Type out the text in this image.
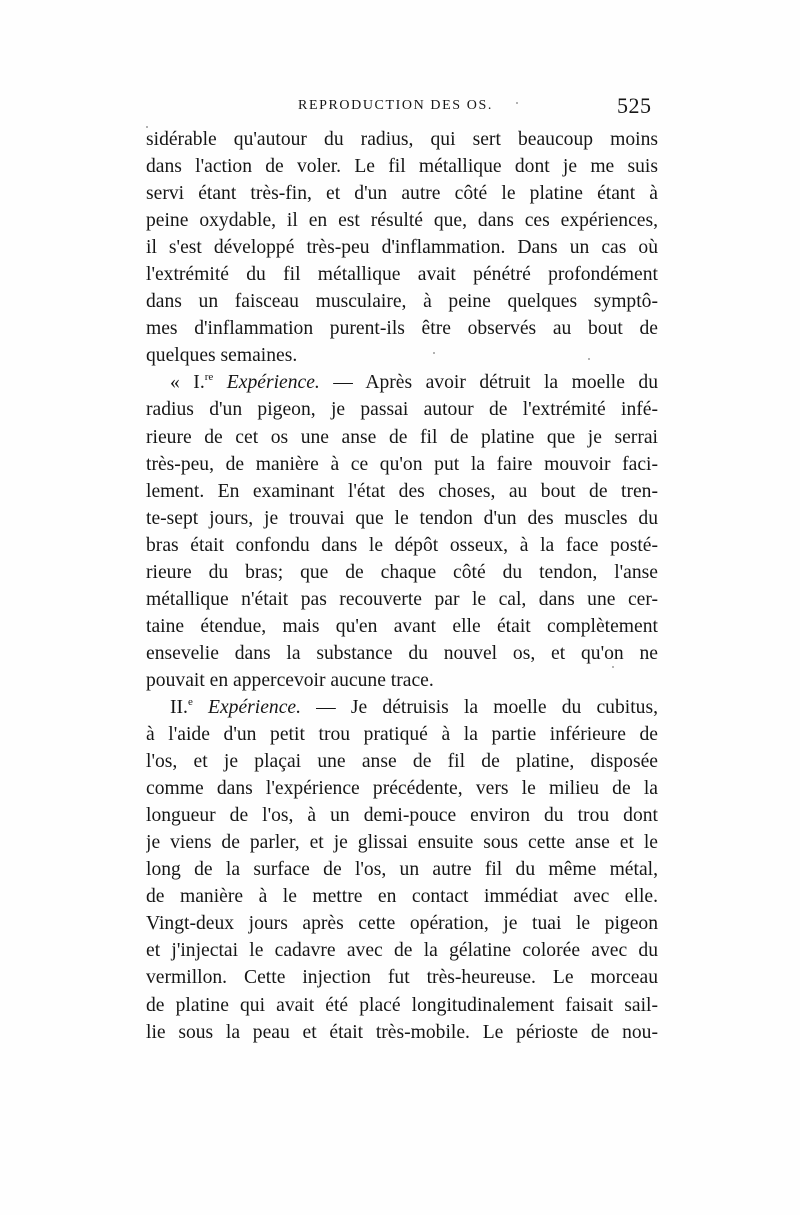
REPRODUCTION DES OS.	525
sidérable qu'autour du radius, qui sert beaucoup moins
dans l'action de voler. Le fil métallique dont je me suis
servi étant très-fin, et d'un autre côté le platine étant à
peine oxydable, il en est résulté que, dans ces expériences,
il s'est développé très-peu d'inflammation. Dans un cas où
l'extrémité du fil métallique avait pénétré profondément
dans un faisceau musculaire, à peine quelques symptô-
mes d'inflammation purent-ils être observés au bout de
quelques semaines.
« I.$^{re}$ Expérience. — Après avoir détruit la moelle du
radius d'un pigeon, je passai autour de l'extrémité infé-
rieure de cet os une anse de fil de platine que je serrai
très-peu, de manière à ce qu'on put la faire mouvoir faci-
lement. En examinant l'état des choses, au bout de tren-
te-sept jours, je trouvai que le tendon d'un des muscles du
bras était confondu dans le dépôt osseux, à la face posté-
rieure du bras; que de chaque côté du tendon, l'anse
métallique n'était pas recouverte par le cal, dans une cer-
taine étendue, mais qu'en avant elle était complètement
ensevelie dans la substance du nouvel os, et qu'on ne
pouvait en appercevoir aucune trace.
II.$^e$ Expérience. — Je détruisis la moelle du cubitus,
à l'aide d'un petit trou pratiqué à la partie inférieure de
l'os, et je plaçai une anse de fil de platine, disposée
comme dans l'expérience précédente, vers le milieu de la
longueur de l'os, à un demi-pouce environ du trou dont
je viens de parler, et je glissai ensuite sous cette anse et le
long de la surface de l'os, un autre fil du même métal,
de manière à le mettre en contact immédiat avec elle.
Vingt-deux jours après cette opération, je tuai le pigeon
et j'injectai le cadavre avec de la gélatine colorée avec du
vermillon. Cette injection fut très-heureuse. Le morceau
de platine qui avait été placé longitudinalement faisait sail-
lie sous la peau et était très-mobile. Le périoste de nou-
